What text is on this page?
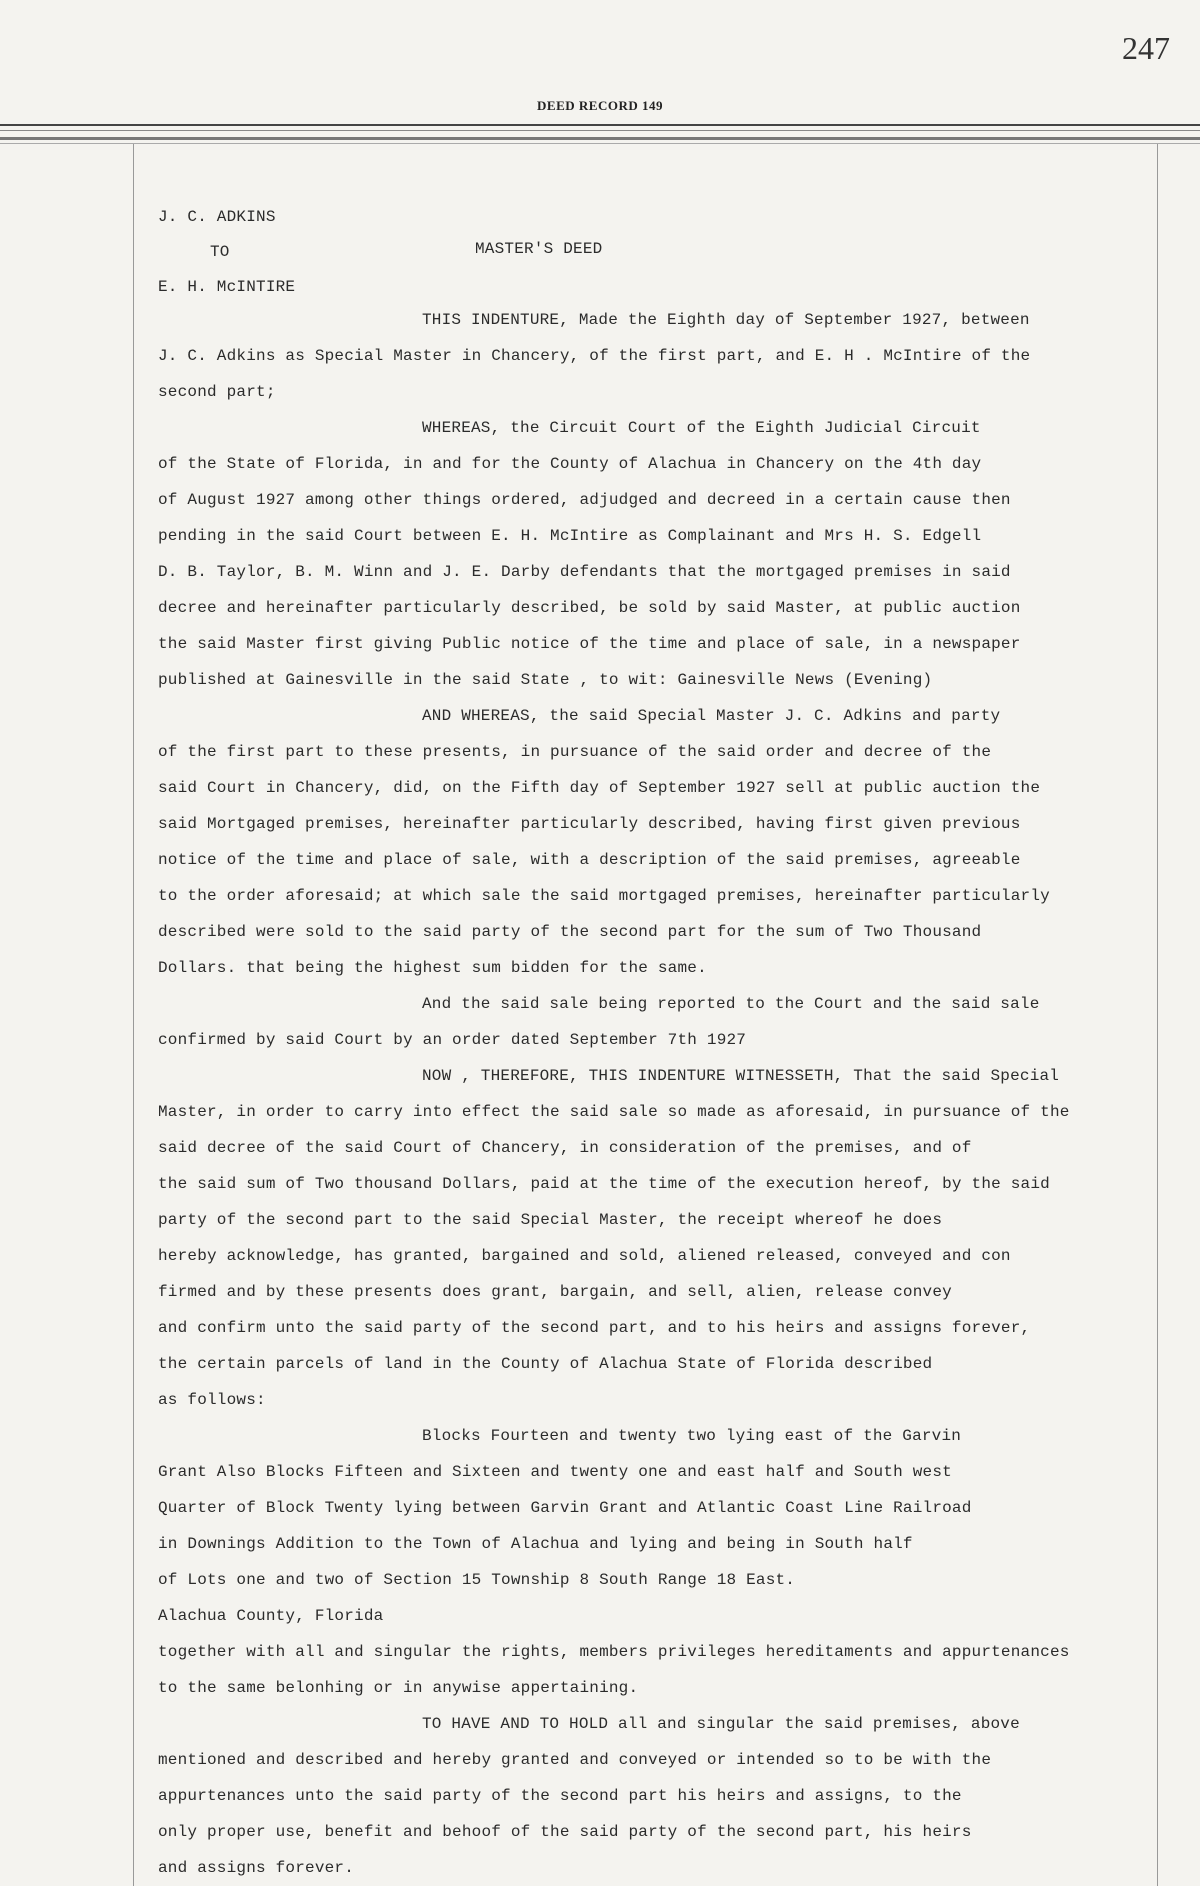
247
DEED RECORD 149
J. C. ADKINS
TO	MASTER'S DEED
E. H. McINTIRE
THIS INDENTURE, Made the Eighth day of September 1927, between
J. C. Adkins as Special Master in Chancery, of the first part, and E. H . McIntire of the
second part;
WHEREAS, the Circuit Court of the Eighth Judicial Circuit
of the State of Florida, in and for the County of Alachua in Chancery on the 4th day
of August 1927 among other things ordered, adjudged and decreed in a certain cause then
pending in the said Court between E. H. McIntire as Complainant and Mrs H. S. Edgell
D. B. Taylor, B. M. Winn and J. E. Darby defendants that the mortgaged premises in said
decree and hereinafter particularly described, be sold by said Master, at public auction
the said Master first giving Public notice of the time and place of sale, in a newspaper
published at Gainesville in the said State , to wit: Gainesville News (Evening)
AND WHEREAS, the said Special Master J. C. Adkins and party
of the first part to these presents, in pursuance of the said order and decree of the
said Court in Chancery, did, on the Fifth day of September 1927 sell at public auction the
said Mortgaged premises, hereinafter particularly described, having first given previous
notice of the time and place of sale, with a description of the said premises, agreeable
to the order aforesaid; at which sale the said mortgaged premises, hereinafter particularly
described were sold to the said party of the second part for the sum of Two Thousand
Dollars. that being the highest sum bidden for the same.
And the said sale being reported to the Court and the said sale
confirmed by said Court by an order dated September 7th 1927
NOW , THEREFORE, THIS INDENTURE WITNESSETH, That the said Special
Master, in order to carry into effect the said sale so made as aforesaid, in pursuance of the
said decree of the said Court of Chancery, in consideration of the premises, and of
the said sum of Two thousand Dollars, paid at the time of the execution hereof, by the said
party of the second part to the said Special Master, the receipt whereof he does
hereby acknowledge, has granted, bargained and sold, aliened released, conveyed and con
firmed and by these presents does grant, bargain, and sell, alien, release convey
and confirm unto the said party of the second part, and to his heirs and assigns forever,
the certain parcels of land in the County of Alachua State of Florida described
as follows:
Blocks Fourteen and twenty two lying east of the Garvin
Grant Also Blocks Fifteen and Sixteen and twenty one and east half and South west
Quarter of Block Twenty lying between Garvin Grant and Atlantic Coast Line Railroad
in Downings Addition to the Town of Alachua and lying and being in South half
of Lots one and two of Section 15 Township 8 South Range 18 East.
Alachua County, Florida
together with all and singular the rights, members privileges hereditaments and appurtenances
to the same belonhing or in anywise appertaining.
TO HAVE AND TO HOLD all and singular the said premises, above
mentioned and described and hereby granted and conveyed or intended so to be with the
appurtenances unto the said party of the second part his heirs and assigns, to the
only proper use, benefit and behoof of the said party of the second part, his heirs
and assigns forever.
